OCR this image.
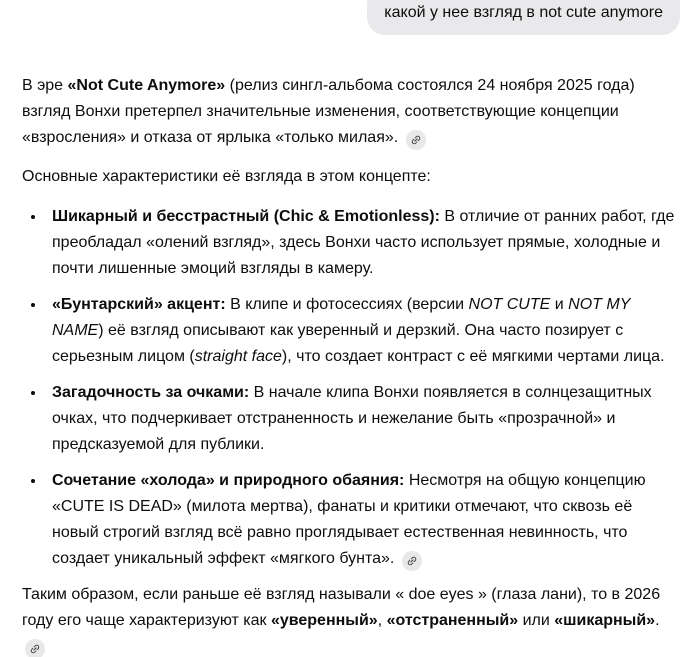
какой у нее взгляд в not cute anymore

В эре «Not Cute Anymore» (релиз сингл-альбома состоялся 24 ноября 2025 года) взгляд Вонхи претерпел значительные изменения, соответствующие концепции «взросления» и отказа от ярлыка «только милая».

Основные характеристики её взгляда в этом концепте:

• Шикарный и бесстрастный (Chic & Emotionless): В отличие от ранних работ, где преобладал «олений взгляд», здесь Вонхи часто использует прямые, холодные и почти лишенные эмоций взгляды в камеру.
• «Бунтарский» акцент: В клипе и фотосессиях (версии NOT CUTE и NOT MY NAME) её взгляд описывают как уверенный и дерзкий. Она часто позирует с серьезным лицом (straight face), что создает контраст с её мягкими чертами лица.
• Загадочность за очками: В начале клипа Вонхи появляется в солнцезащитных очках, что подчеркивает отстраненность и нежелание быть «прозрачной» и предсказуемой для публики.
• Сочетание «холода» и природного обаяния: Несмотря на общую концепцию «CUTE IS DEAD» (милота мертва), фанаты и критики отмечают, что сквозь её новый строгий взгляд всё равно проглядывает естественная невинность, что создает уникальный эффект «мягкого бунта».

Таким образом, если раньше её взгляд называли « doe eyes » (глаза лани), то в 2026 году его чаще характеризуют как «уверенный», «отстраненный» или «шикарный».
